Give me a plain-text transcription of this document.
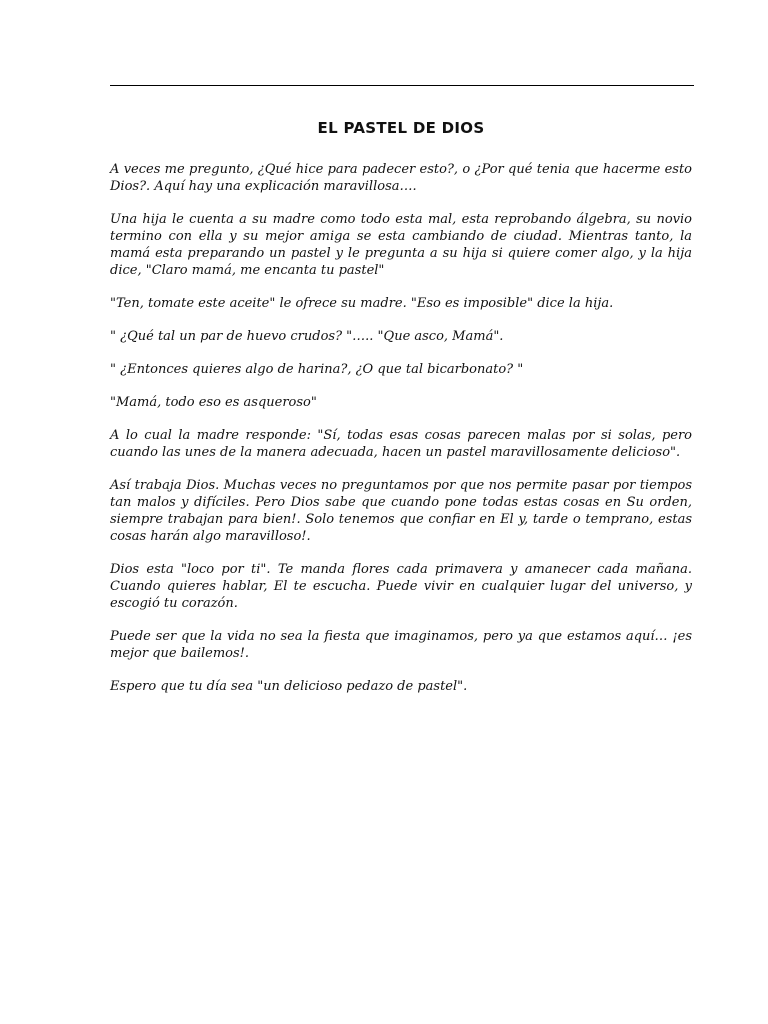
EL PASTEL DE DIOS

A veces me pregunto, ¿Qué hice para padecer esto?, o ¿Por qué tenia que hacerme esto Dios?. Aquí hay una explicación maravillosa….

Una hija le cuenta a su madre como todo esta mal, esta reprobando álgebra, su novio termino con ella y su mejor amiga se esta cambiando de ciudad. Mientras tanto, la mamá esta preparando un pastel y le pregunta a su hija si quiere comer algo, y la hija dice, "Claro mamá, me encanta tu pastel"

"Ten, tomate este aceite" le ofrece su madre. "Eso es imposible" dice la hija.

" ¿Qué tal un par de huevo crudos? "….. "Que asco, Mamá".

" ¿Entonces quieres algo de harina?, ¿O que tal bicarbonato? "

"Mamá, todo eso es asqueroso"

A lo cual la madre responde: "Sí, todas esas cosas parecen malas por si solas, pero cuando las unes de la manera adecuada, hacen un pastel maravillosamente delicioso".

Así trabaja Dios. Muchas veces no preguntamos por que nos permite pasar por tiempos tan malos y difíciles. Pero Dios sabe que cuando pone todas estas cosas en Su orden, siempre trabajan para bien!. Solo tenemos que confiar en El y, tarde o temprano, estas cosas harán algo maravilloso!.

Dios esta "loco por ti". Te manda flores cada primavera y amanecer cada mañana. Cuando quieres hablar, El te escucha. Puede vivir en cualquier lugar del universo, y escogió tu corazón.

Puede ser que la vida no sea la fiesta que imaginamos, pero ya que estamos aquí… ¡es mejor que bailemos!.

Espero que tu día sea "un delicioso pedazo de pastel".
